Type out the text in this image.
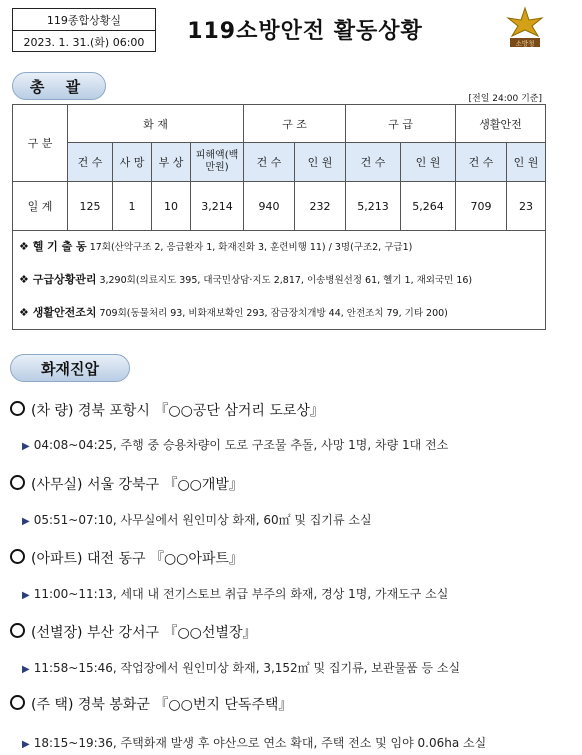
119종합상황실
2023. 1. 31.(화) 06:00	119소방안전 활동상황	소방청
총 괄
[전일 24:00 기준]
구 분	화 재				구 조		구 급		생활안전	
	건 수	사 망	부 상	피해액(백만원)	건 수	인 원	건 수	인 원	건 수	인 원
일 계	125	1	10	3,214	940	232	5,213	5,264	709	23
❖ 헬 기 출 동 17회(산악구조 2, 응급환자 1, 화재진화 3, 훈련비행 11) / 3명(구조2, 구급1)
❖ 구급상황관리 3,290회(의료지도 395, 대국민상담·지도 2,817, 이송병원선정 61, 헬기 1, 재외국민 16)
❖ 생활안전조치 709회(동물처리 93, 비화재보확인 293, 잠금장치개방 44, 안전조치 79, 기타 200)
화재진압
(차 량) 경북 포항시 『○○공단 삼거리 도로상』
▶ 04:08~04:25, 주행 중 승용차량이 도로 구조물 추돌, 사망 1명, 차량 1대 전소
(사무실) 서울 강북구 『○○개발』
▶ 05:51~07:10, 사무실에서 원인미상 화재, 60㎡ 및 집기류 소실
(아파트) 대전 동구 『○○아파트』
▶ 11:00~11:13, 세대 내 전기스토브 취급 부주의 화재, 경상 1명, 가재도구 소실
(선별장) 부산 강서구 『○○선별장』
▶ 11:58~15:46, 작업장에서 원인미상 화재, 3,152㎡ 및 집기류, 보관물품 등 소실
(주 택) 경북 봉화군 『○○번지 단독주택』
▶ 18:15~19:36, 주택화재 발생 후 야산으로 연소 확대, 주택 전소 및 임야 0.06ha 소실
